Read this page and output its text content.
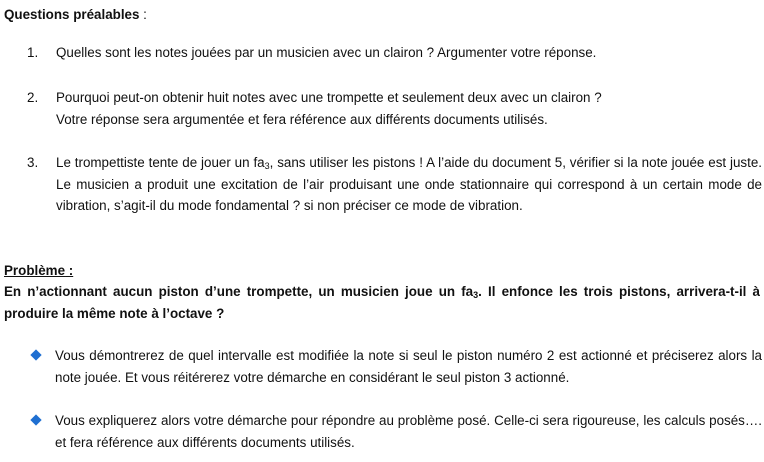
Questions préalables :
1.	Quelles sont les notes jouées par un musicien avec un clairon ? Argumenter votre réponse.
2.	Pourquoi peut-on obtenir huit notes avec une trompette et seulement deux avec un clairon ?
Votre réponse sera argumentée et fera référence aux différents documents utilisés.
3.	Le trompettiste tente de jouer un $fa_3$, sans utiliser les pistons ! A l’aide du document 5, vérifier si la note jouée est juste. Le musicien a produit une excitation de l’air produisant une onde stationnaire qui correspond à un certain mode de vibration, s’agit-il du mode fondamental ? si non préciser ce mode de vibration.
Problème :
En n’actionnant aucun piston d’une trompette, un musicien joue un $fa_3$. Il enfonce les trois pistons, arrivera-t-il à produire la même note à l’octave ?
Vous démontrerez de quel intervalle est modifiée la note si seul le piston numéro 2 est actionné et préciserez alors la note jouée. Et vous réitérerez votre démarche en considérant le seul piston 3 actionné.
Vous expliquerez alors votre démarche pour répondre au problème posé. Celle-ci sera rigoureuse, les calculs posés…. et fera référence aux différents documents utilisés.
